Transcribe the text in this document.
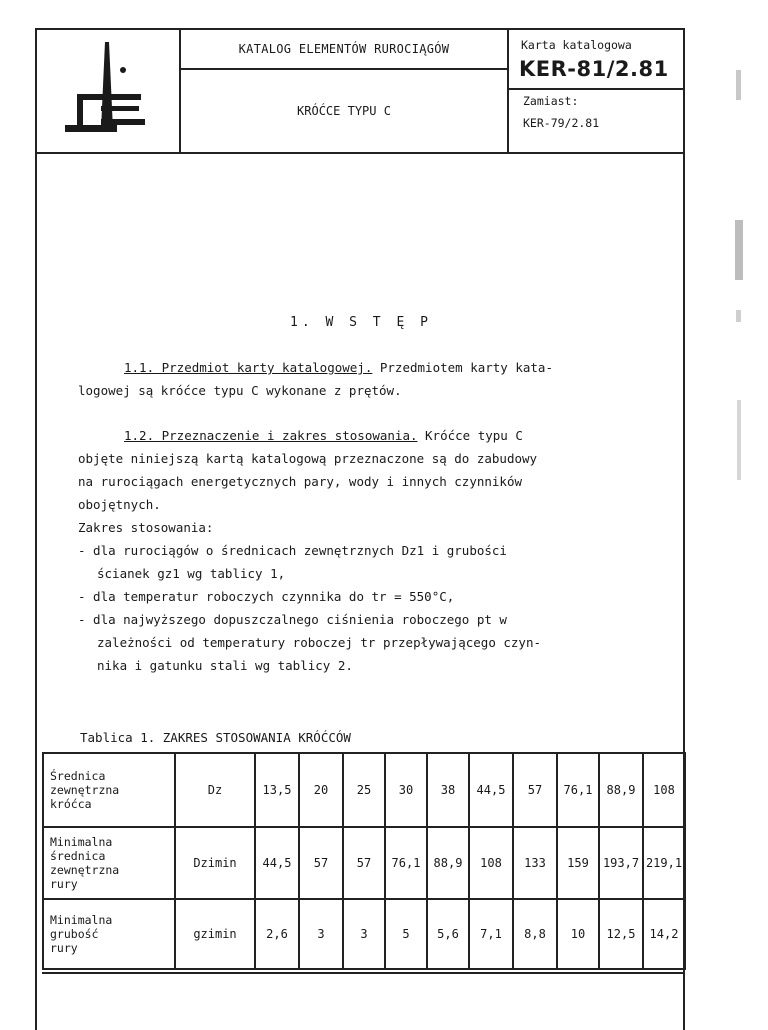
KATALOG ELEMENTÓW RUROCIĄGÓW
KRÓĆCE TYPU C
Karta katalogowa
KER-81/2.81
Zamiast:
KER-79/2.81
1. W S T Ę P
1.1. Przedmiot karty katalogowej. Przedmiotem karty kata-
logowej są króćce typu C wykonane z prętów.
1.2. Przeznaczenie i zakres stosowania. Króćce typu C
objęte niniejszą kartą katalogową przeznaczone są do zabudowy
na rurociągach energetycznych pary, wody i innych czynników
obojętnych.
Zakres stosowania:
- dla rurociągów o średnicach zewnętrznych Dz1 i grubości
ścianek gz1 wg tablicy 1,
- dla temperatur roboczych czynnika do tr = 550°C,
- dla najwyższego dopuszczalnego ciśnienia roboczego pt w
zależności od temperatury roboczej tr przepływającego czyn-
nika i gatunku stali wg tablicy 2.
Tablica 1. ZAKRES STOSOWANIA KRÓĆCÓW
Średnica
zewnętrzna
króćca	Dz	13,5	20	25	30	38	44,5	57	76,1	88,9	108
Minimalna
średnica
zewnętrzna
rury	Dzimin	44,5	57	57	76,1	88,9	108	133	159	193,7	219,1
Minimalna
grubość
rury	gzimin	2,6	3	3	5	5,6	7,1	8,8	10	12,5	14,2
